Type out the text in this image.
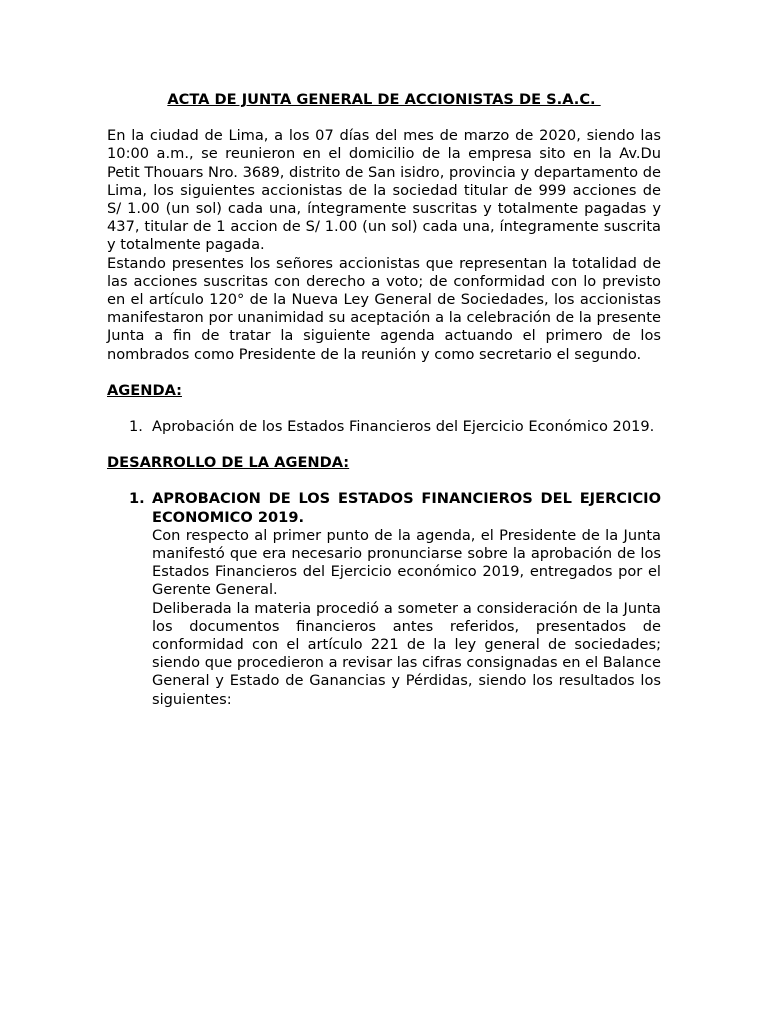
ACTA DE JUNTA GENERAL DE ACCIONISTAS DE S.A.C.

En la ciudad de Lima, a los 07 días del mes de marzo de 2020, siendo las 10:00 a.m., se reunieron en el domicilio de la empresa sito en la Av.Du Petit Thouars Nro. 3689, distrito de San isidro, provincia y departamento de Lima, los siguientes accionistas de la sociedad titular de 999 acciones de S/ 1.00 (un sol) cada una, íntegramente suscritas y totalmente pagadas y 437, titular de 1 accion de S/ 1.00 (un sol) cada una, íntegramente suscrita y totalmente pagada.

Estando presentes los señores accionistas que representan la totalidad de las acciones suscritas con derecho a voto; de conformidad con lo previsto en el artículo 120° de la Nueva Ley General de Sociedades, los accionistas manifestaron por unanimidad su aceptación a la celebración de la presente Junta a fin de tratar la siguiente agenda actuando el primero de los nombrados como Presidente de la reunión y como secretario el segundo.

AGENDA:
1. Aprobación de los Estados Financieros del Ejercicio Económico 2019.
DESARROLLO DE LA AGENDA:
1. APROBACION DE LOS ESTADOS FINANCIEROS DEL EJERCICIO ECONOMICO 2019.

Con respecto al primer punto de la agenda, el Presidente de la Junta manifestó que era necesario pronunciarse sobre la aprobación de los Estados Financieros del Ejercicio económico 2019, entregados por el Gerente General.

Deliberada la materia procedió a someter a consideración de la Junta los documentos financieros antes referidos, presentados de conformidad con el artículo 221 de la ley general de sociedades; siendo que procedieron a revisar las cifras consignadas en el Balance General y Estado de Ganancias y Pérdidas, siendo los resultados los siguientes:
